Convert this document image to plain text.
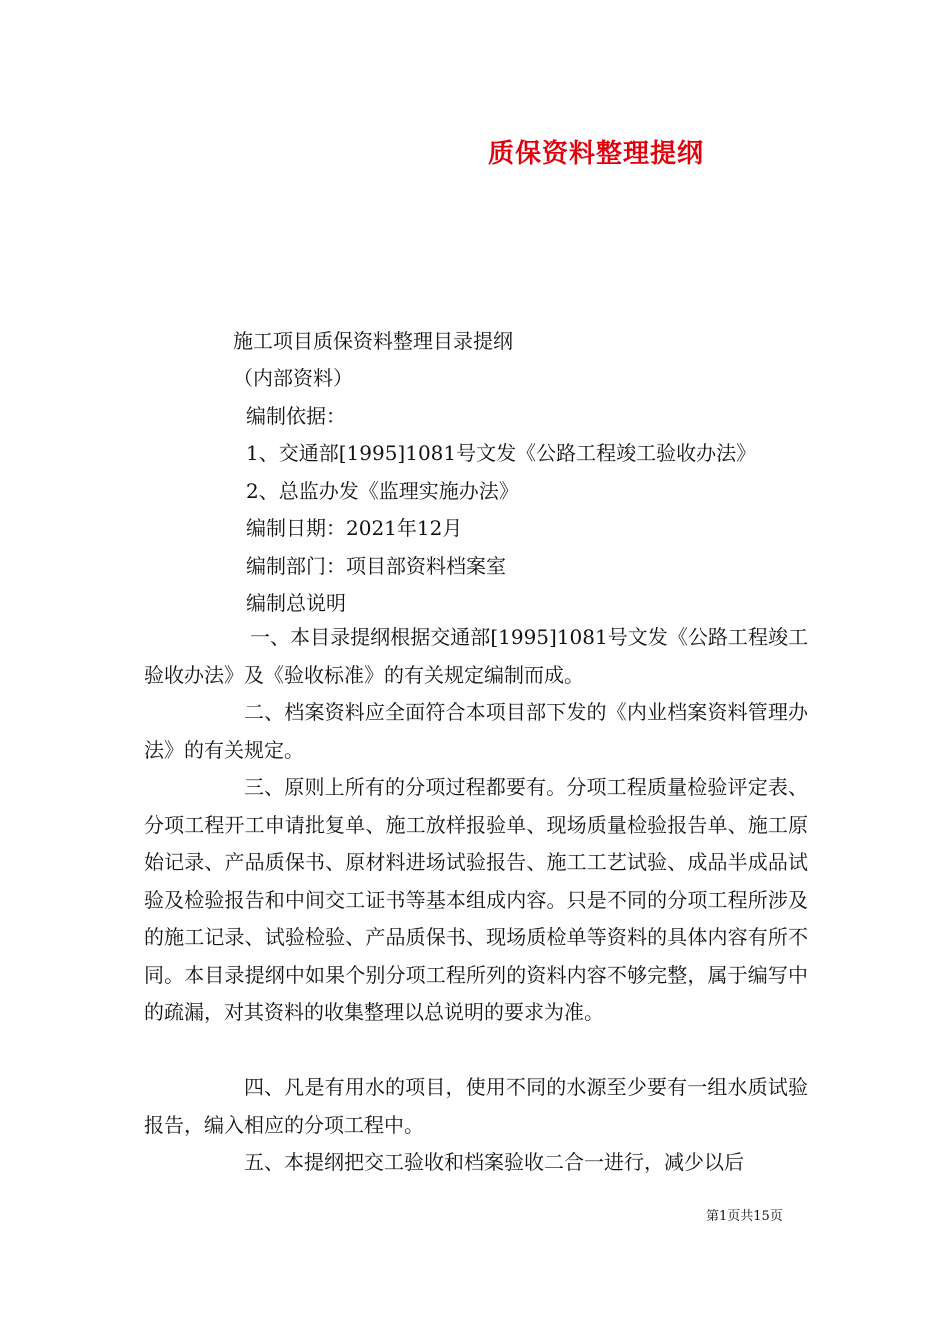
质保资料整理提纲

施工项目质保资料整理目录提纲

（内部资料）

编制依据：

1、交通部[1995]1081号文发《公路工程竣工验收办法》

2、总监办发《监理实施办法》

编制日期：2021年12月

编制部门：项目部资料档案室

编制总说明

一、本目录提纲根据交通部[1995]1081号文发《公路工程竣工验收办法》及《验收标准》的有关规定编制而成。

二、档案资料应全面符合本项目部下发的《内业档案资料管理办法》的有关规定。

三、原则上所有的分项过程都要有。分项工程质量检验评定表、分项工程开工申请批复单、施工放样报验单、现场质量检验报告单、施工原始记录、产品质保书、原材料进场试验报告、施工工艺试验、成品半成品试验及检验报告和中间交工证书等基本组成内容。只是不同的分项工程所涉及的施工记录、试验检验、产品质保书、现场质检单等资料的具体内容有所不同。本目录提纲中如果个别分项工程所列的资料内容不够完整，属于编写中的疏漏，对其资料的收集整理以总说明的要求为准。

四、凡是有用水的项目，使用不同的水源至少要有一组水质试验报告，编入相应的分项工程中。

五、本提纲把交工验收和档案验收二合一进行，减少以后

第1页共15页
